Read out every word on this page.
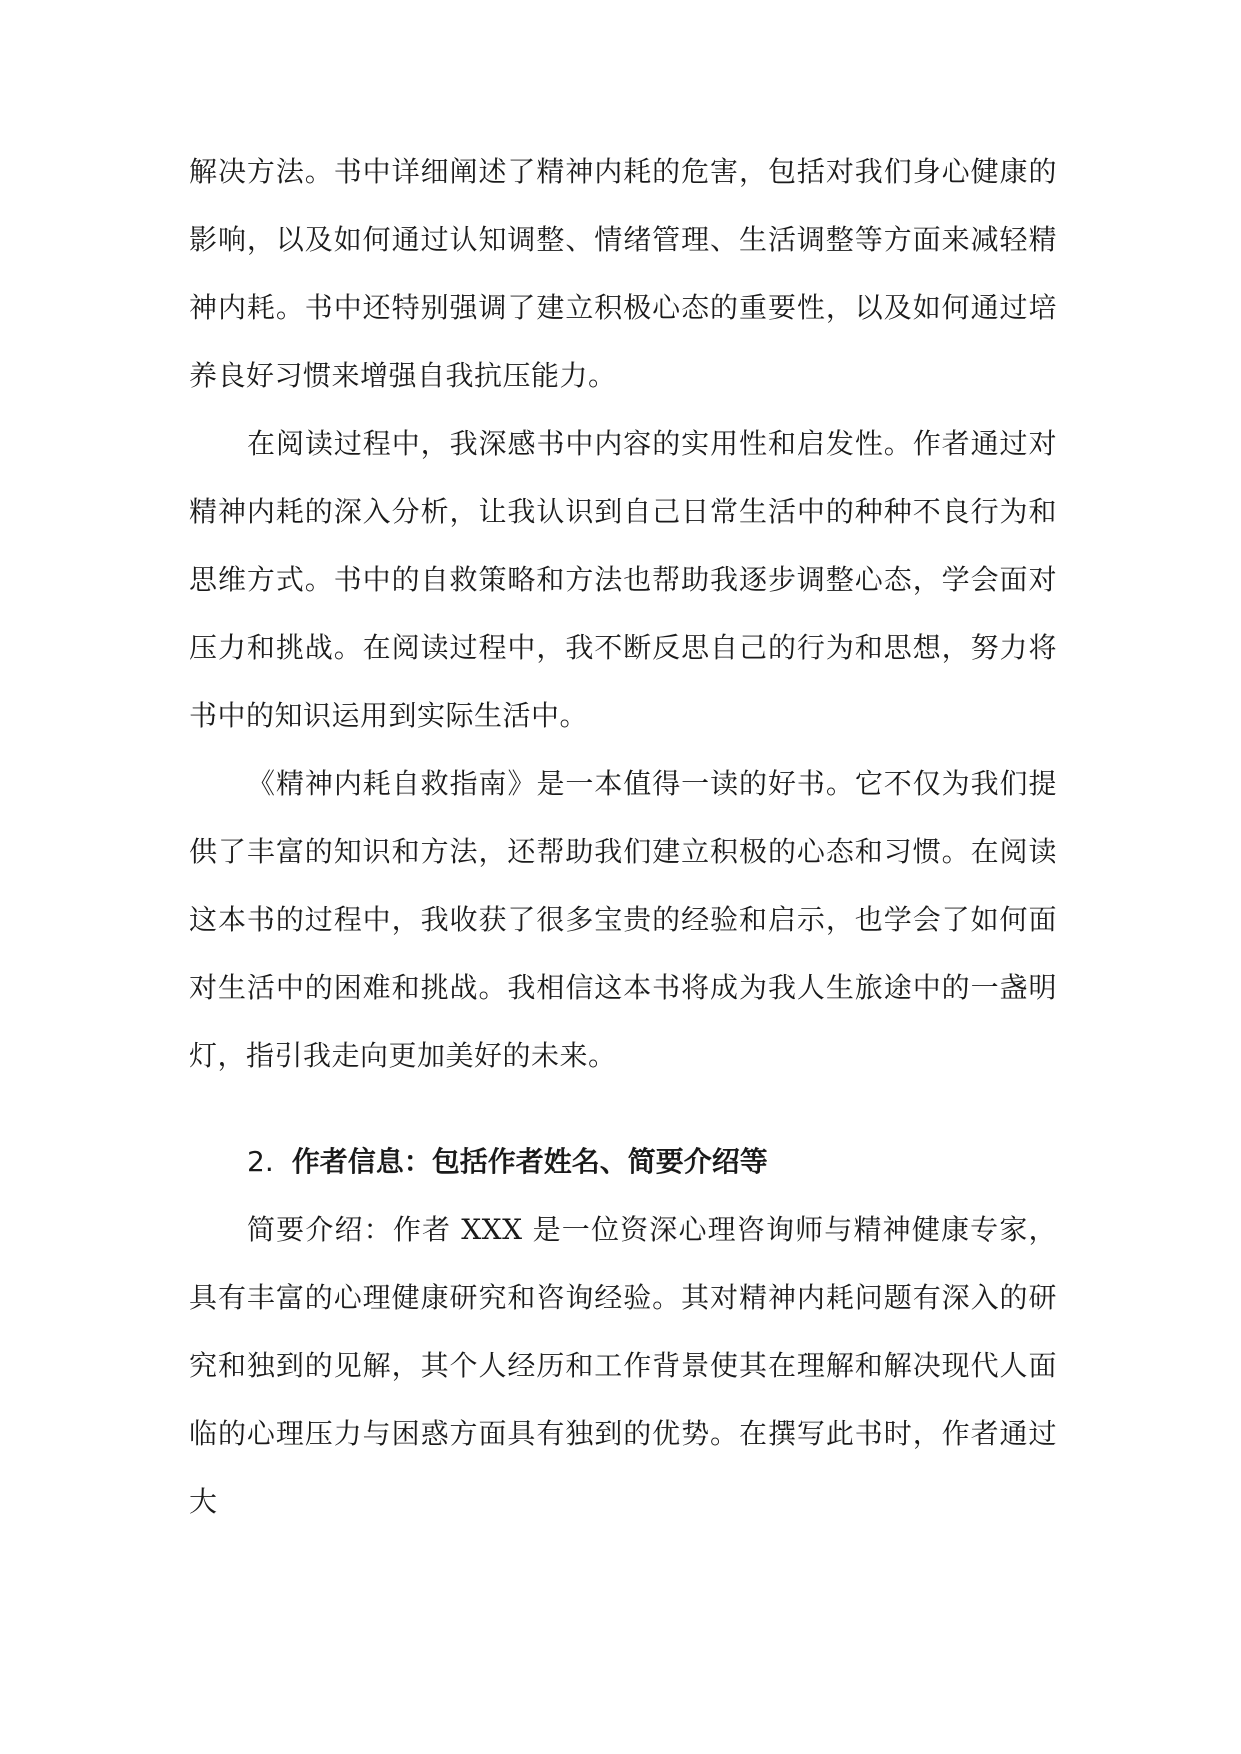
解决方法。书中详细阐述了精神内耗的危害，包括对我们身心健康的影响，以及如何通过认知调整、情绪管理、生活调整等方面来减轻精神内耗。书中还特别强调了建立积极心态的重要性，以及如何通过培养良好习惯来增强自我抗压能力。

在阅读过程中，我深感书中内容的实用性和启发性。作者通过对精神内耗的深入分析，让我认识到自己日常生活中的种种不良行为和思维方式。书中的自救策略和方法也帮助我逐步调整心态，学会面对压力和挑战。在阅读过程中，我不断反思自己的行为和思想，努力将书中的知识运用到实际生活中。

《精神内耗自救指南》是一本值得一读的好书。它不仅为我们提供了丰富的知识和方法，还帮助我们建立积极的心态和习惯。在阅读这本书的过程中，我收获了很多宝贵的经验和启示，也学会了如何面对生活中的困难和挑战。我相信这本书将成为我人生旅途中的一盏明灯，指引我走向更加美好的未来。

2. 作者信息：包括作者姓名、简要介绍等

简要介绍：作者 XXX 是一位资深心理咨询师与精神健康专家，具有丰富的心理健康研究和咨询经验。其对精神内耗问题有深入的研究和独到的见解，其个人经历和工作背景使其在理解和解决现代人面临的心理压力与困惑方面具有独到的优势。在撰写此书时，作者通过大
